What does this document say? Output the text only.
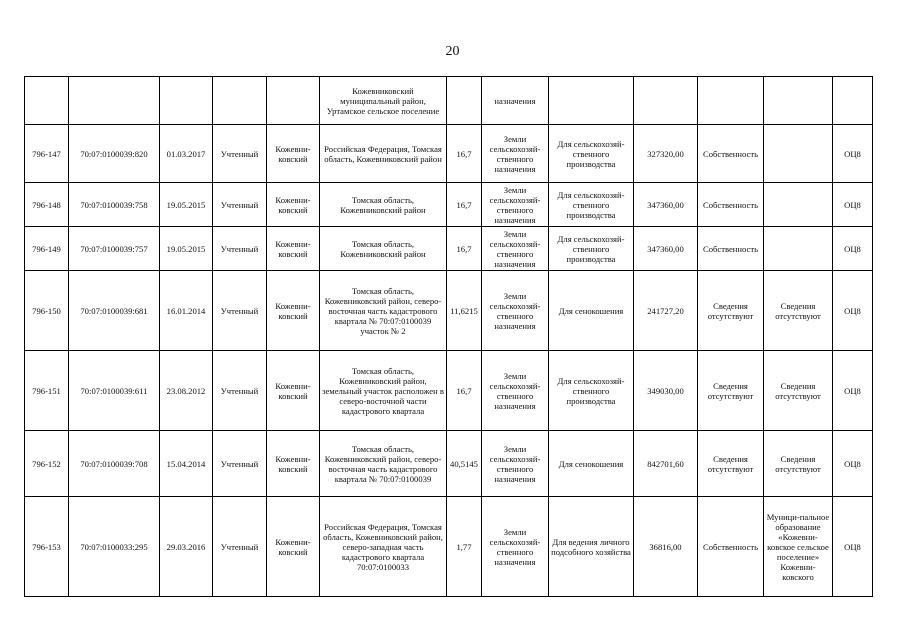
20
					Кожевниковский муниципальный район, Уртамское сельское поселение		назначения					
796-147	70:07:0100039:820	01.03.2017	Учтенный	Кожевни-ковский	Российская Федерация, Томская область, Кожевниковский район	16,7	Земли сельскохозяй-ственного назначения	Для сельскохозяй-ственного производства	327320,00	Собственность		ОЦ8
796-148	70:07:0100039:758	19.05.2015	Учтенный	Кожевни-ковский	Томская область, Кожевниковский район	16,7	Земли сельскохозяй-ственного назначения	Для сельскохозяй-ственного производства	347360,00	Собственность		ОЦ8
796-149	70:07:0100039:757	19.05.2015	Учтенный	Кожевни-ковский	Томская область, Кожевниковский район	16,7	Земли сельскохозяй-ственного назначения	Для сельскохозяй-ственного производства	347360,00	Собственность		ОЦ8
796-150	70:07:0100039:681	16.01.2014	Учтенный	Кожевни-ковский	Томская область, Кожевниковский район, северо-восточная часть кадастрового квартала № 70:07:0100039 участок № 2	11,6215	Земли сельскохозяй-ственного назначения	Для сенокошения	241727,20	Сведения отсутствуют	Сведения отсутствуют	ОЦ8
796-151	70:07:0100039:611	23.08.2012	Учтенный	Кожевни-ковский	Томская область, Кожевниковский район, земельный участок расположен в северо-восточной части кадастрового квартала	16,7	Земли сельскохозяй-ственного назначения	Для сельскохозяй-ственного производства	349030,00	Сведения отсутствуют	Сведения отсутствуют	ОЦ8
796-152	70:07:0100039:708	15.04.2014	Учтенный	Кожевни-ковский	Томская область, Кожевниковский район, северо-восточная часть кадастрового квартала № 70:07:0100039	40,5145	Земли сельскохозяй-ственного назначения	Для сенокошения	842701,60	Сведения отсутствуют	Сведения отсутствуют	ОЦ8
796-153	70:07:0100033:295	29.03.2016	Учтенный	Кожевни-ковский	Российская Федерация, Томская область, Кожевниковский район, северо-западная часть кадастрового квартала 70:07:0100033	1,77	Земли сельскохозяй-ственного назначения	Для ведения личного подсобного хозяйства	36816,00	Собственность	Муници-пальное образование «Кожевни-ковское сельское поселение» Кожевни-ковского	ОЦ8
